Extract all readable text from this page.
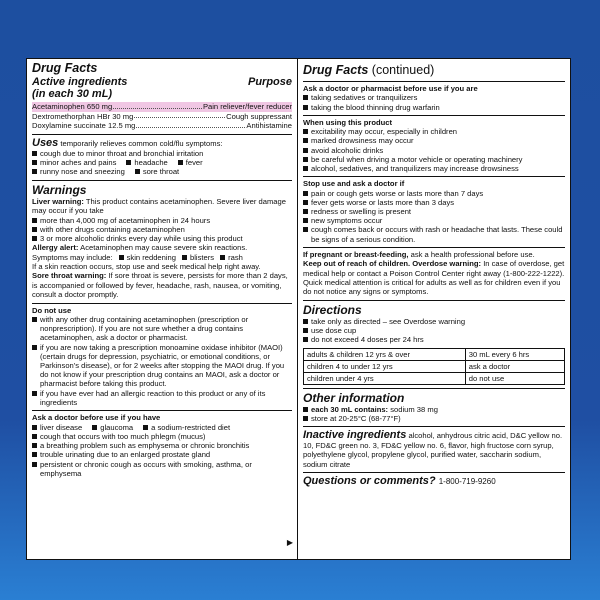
Drug Facts
Active ingredients	Purpose
(in each 30 mL)
Acetaminophen 650 mg	Pain reliever/fever reducer
Dextromethorphan HBr 30 mg	Cough suppressant
Doxylamine succinate 12.5 mg	Antihistamine
Uses temporarily relieves common cold/flu symptoms:
cough due to minor throat and bronchial irritation
minor aches and pains	headache	fever
runny nose and sneezing	sore throat
Warnings
Liver warning: This product contains acetaminophen. Severe liver damage may occur if you take
more than 4,000 mg of acetaminophen in 24 hours
with other drugs containing acetaminophen
3 or more alcoholic drinks every day while using this product
Allergy alert: Acetaminophen may cause severe skin reactions.
Symptoms may include:	skin reddening	blisters	rash
If a skin reaction occurs, stop use and seek medical help right away.
Sore throat warning: If sore throat is severe, persists for more than 2 days, is accompanied or followed by fever, headache, rash, nausea, or vomiting, consult a doctor promptly.
Do not use
with any other drug containing acetaminophen (prescription or nonprescription). If you are not sure whether a drug contains acetaminophen, ask a doctor or pharmacist.
if you are now taking a prescription monoamine oxidase inhibitor (MAOI) (certain drugs for depression, psychiatric, or emotional conditions, or Parkinson's disease), or for 2 weeks after stopping the MAOI drug. If you do not know if your prescription drug contains an MAOI, ask a doctor or pharmacist before taking this product.
if you have ever had an allergic reaction to this product or any of its ingredients
Ask a doctor before use if you have
liver disease	glaucoma	a sodium-restricted diet
cough that occurs with too much phlegm (mucus)
a breathing problem such as emphysema or chronic bronchitis
trouble urinating due to an enlarged prostate gland
persistent or chronic cough as occurs with smoking, asthma, or emphysema
▶
Drug Facts (continued)
Ask a doctor or pharmacist before use if you are
taking sedatives or tranquilizers
taking the blood thinning drug warfarin
When using this product
excitability may occur, especially in children
marked drowsiness may occur
avoid alcoholic drinks
be careful when driving a motor vehicle or operating machinery
alcohol, sedatives, and tranquilizers may increase drowsiness
Stop use and ask a doctor if
pain or cough gets worse or lasts more than 7 days
fever gets worse or lasts more than 3 days
redness or swelling is present
new symptoms occur
cough comes back or occurs with rash or headache that lasts. These could be signs of a serious condition.
If pregnant or breast-feeding, ask a health professional before use.
Keep out of reach of children. Overdose warning: In case of overdose, get medical help or contact a Poison Control Center right away (1-800-222-1222). Quick medical attention is critical for adults as well as for children even if you do not notice any signs or symptoms.
Directions
take only as directed – see Overdose warning
use dose cup
do not exceed 4 doses per 24 hrs
adults & children 12 yrs & over	30 mL every 6 hrs
children 4 to under 12 yrs	ask a doctor
children under 4 yrs	do not use
Other information
each 30 mL contains: sodium 38 mg
store at 20-25°C (68-77°F)
Inactive ingredients alcohol, anhydrous citric acid, D&C yellow no. 10, FD&C green no. 3, FD&C yellow no. 6, flavor, high fructose corn syrup, polyethylene glycol, propylene glycol, purified water, saccharin sodium, sodium citrate
Questions or comments? 1-800-719-9260
